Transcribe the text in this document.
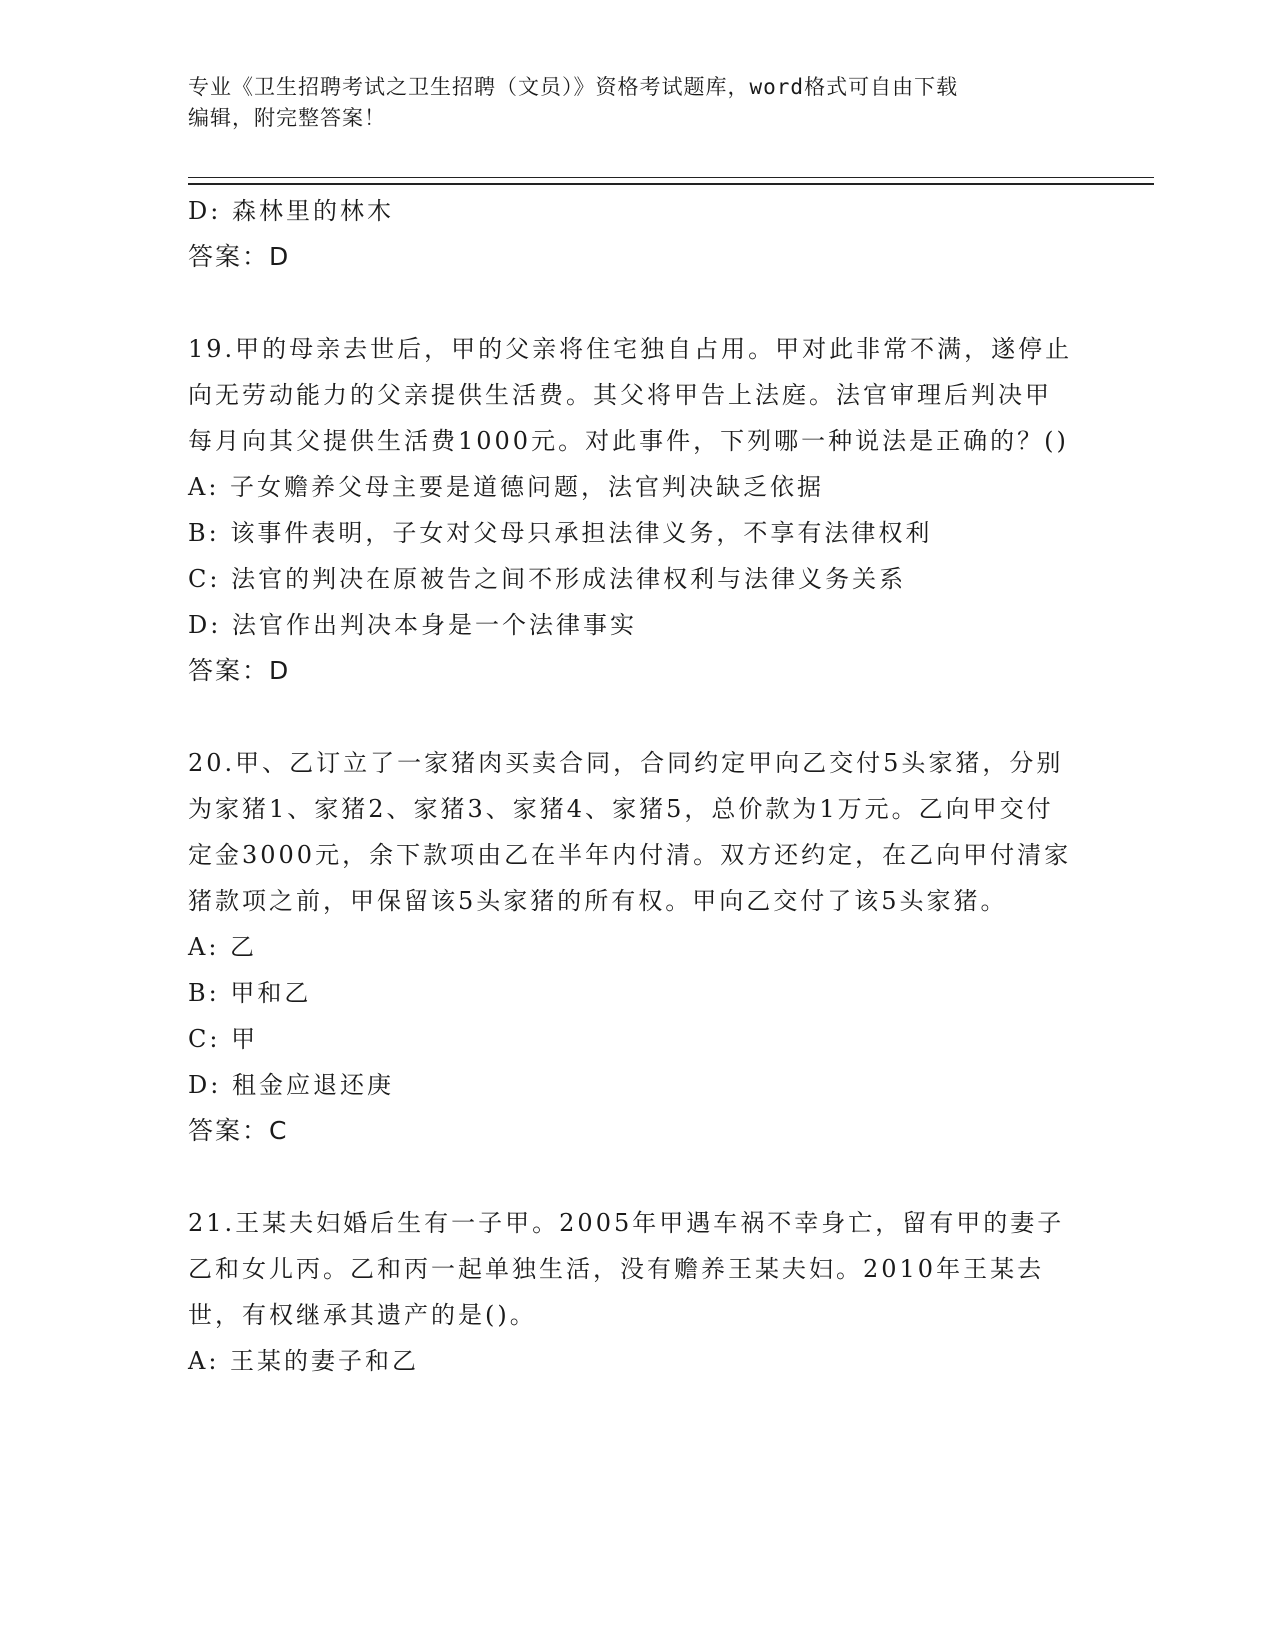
专业《卫生招聘考试之卫生招聘（文员）》资格考试题库，word格式可自由下载
编辑，附完整答案！
D: 森林里的林木
答案：D
19.甲的母亲去世后，甲的父亲将住宅独自占用。甲对此非常不满，遂停止向无劳动能力的父亲提供生活费。其父将甲告上法庭。法官审理后判决甲每月向其父提供生活费1000元。对此事件，下列哪一种说法是正确的？()
A: 子女赡养父母主要是道德问题，法官判决缺乏依据
B: 该事件表明，子女对父母只承担法律义务，不享有法律权利
C: 法官的判决在原被告之间不形成法律权利与法律义务关系
D: 法官作出判决本身是一个法律事实
答案：D
20.甲、乙订立了一家猪肉买卖合同，合同约定甲向乙交付5头家猪，分别为家猪1、家猪2、家猪3、家猪4、家猪5，总价款为1万元。乙向甲交付定金3000元，余下款项由乙在半年内付清。双方还约定，在乙向甲付清家猪款项之前，甲保留该5头家猪的所有权。甲向乙交付了该5头家猪。
A: 乙
B: 甲和乙
C: 甲
D: 租金应退还庚
答案：C
21.王某夫妇婚后生有一子甲。2005年甲遇车祸不幸身亡，留有甲的妻子乙和女儿丙。乙和丙一起单独生活，没有赡养王某夫妇。2010年王某去世，有权继承其遗产的是()。
A: 王某的妻子和乙
